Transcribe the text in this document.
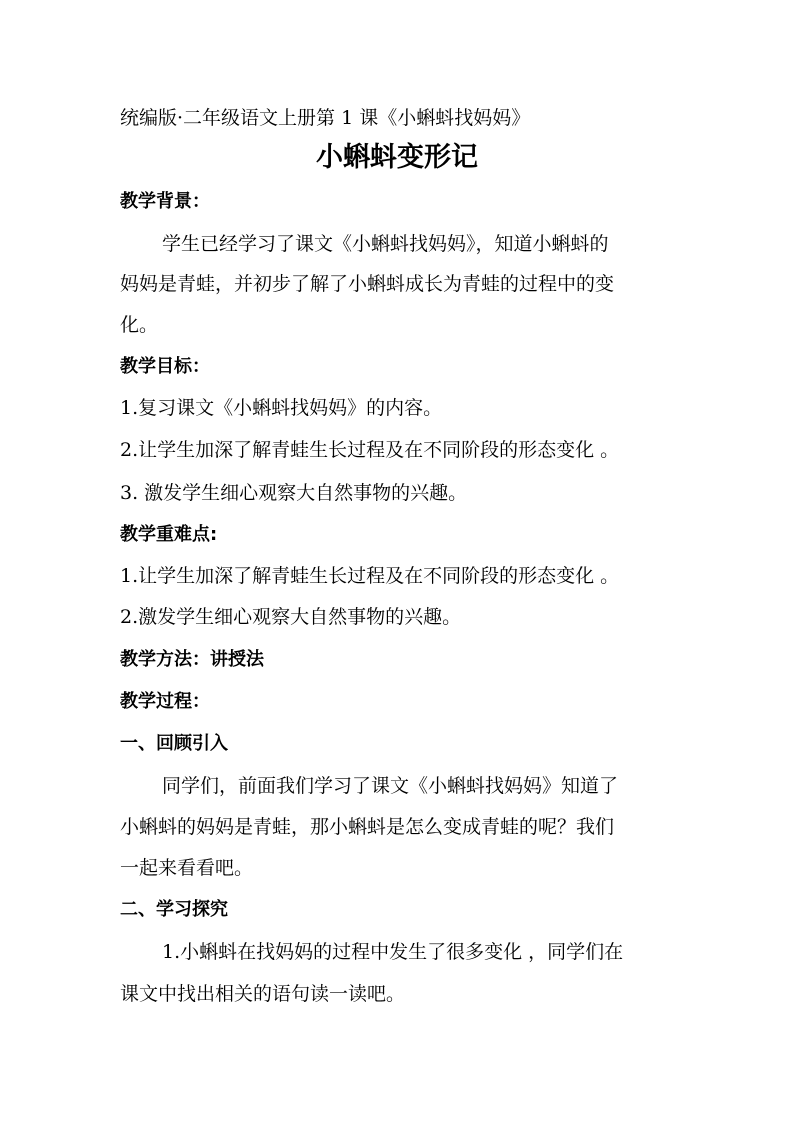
统编版·二年级语文上册第 1 课《小蝌蚪找妈妈》
小蝌蚪变形记
教学背景：
学生已经学习了课文《小蝌蚪找妈妈》，知道小蝌蚪的
妈妈是青蛙，并初步了解了小蝌蚪成长为青蛙的过程中的变
化。
教学目标：
1.复习课文《小蝌蚪找妈妈》的内容。
2.让学生加深了解青蛙生长过程及在不同阶段的形态变化 。
3. 激发学生细心观察大自然事物的兴趣。
教学重难点:
1.让学生加深了解青蛙生长过程及在不同阶段的形态变化 。
2.激发学生细心观察大自然事物的兴趣。
教学方法：讲授法
教学过程：
一、回顾引入
同学们，前面我们学习了课文《小蝌蚪找妈妈》知道了
小蝌蚪的妈妈是青蛙，那小蝌蚪是怎么变成青蛙的呢？我们
一起来看看吧。
二、学习探究
1.小蝌蚪在找妈妈的过程中发生了很多变化 ，同学们在
课文中找出相关的语句读一读吧。
